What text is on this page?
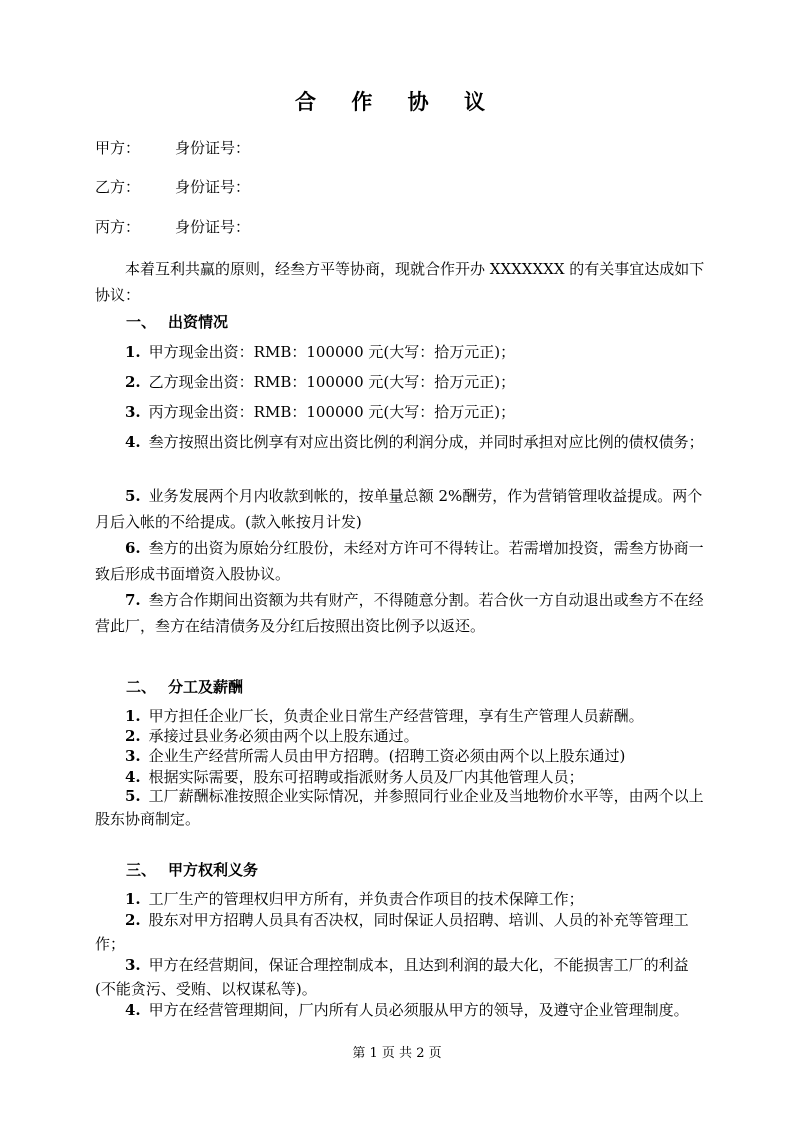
合 作 协 议
甲方： 身份证号：
乙方： 身份证号：
丙方： 身份证号：
本着互利共赢的原则，经叁方平等协商，现就合作开办 XXXXXXX 的有关事宜达成如下协议：
一、 出资情况
1. 甲方现金出资：RMB：100000 元(大写：拾万元正)；
2. 乙方现金出资：RMB：100000 元(大写：拾万元正)；
3. 丙方现金出资：RMB：100000 元(大写：拾万元正)；
4. 叁方按照出资比例享有对应出资比例的利润分成，并同时承担对应比例的债权债务；
5. 业务发展两个月内收款到帐的，按单量总额 2%酬劳，作为营销管理收益提成。两个月后入帐的不给提成。(款入帐按月计发)
6. 叁方的出资为原始分红股份，未经对方许可不得转让。若需增加投资，需叁方协商一致后形成书面增资入股协议。
7. 叁方合作期间出资额为共有财产，不得随意分割。若合伙一方自动退出或叁方不在经营此厂，叁方在结清债务及分红后按照出资比例予以返还。
二、 分工及薪酬
1. 甲方担任企业厂长，负责企业日常生产经营管理，享有生产管理人员薪酬。
2. 承接过县业务必须由两个以上股东通过。
3. 企业生产经营所需人员由甲方招聘。(招聘工资必须由两个以上股东通过)
4. 根据实际需要，股东可招聘或指派财务人员及厂内其他管理人员；
5. 工厂薪酬标准按照企业实际情况，并参照同行业企业及当地物价水平等，由两个以上股东协商制定。
三、 甲方权利义务
1. 工厂生产的管理权归甲方所有，并负责合作项目的技术保障工作；
2. 股东对甲方招聘人员具有否决权，同时保证人员招聘、培训、人员的补充等管理工作；
3. 甲方在经营期间，保证合理控制成本，且达到利润的最大化，不能损害工厂的利益(不能贪污、受贿、以权谋私等)。
4. 甲方在经营管理期间，厂内所有人员必须服从甲方的领导，及遵守企业管理制度。
第 1 页 共 2 页
